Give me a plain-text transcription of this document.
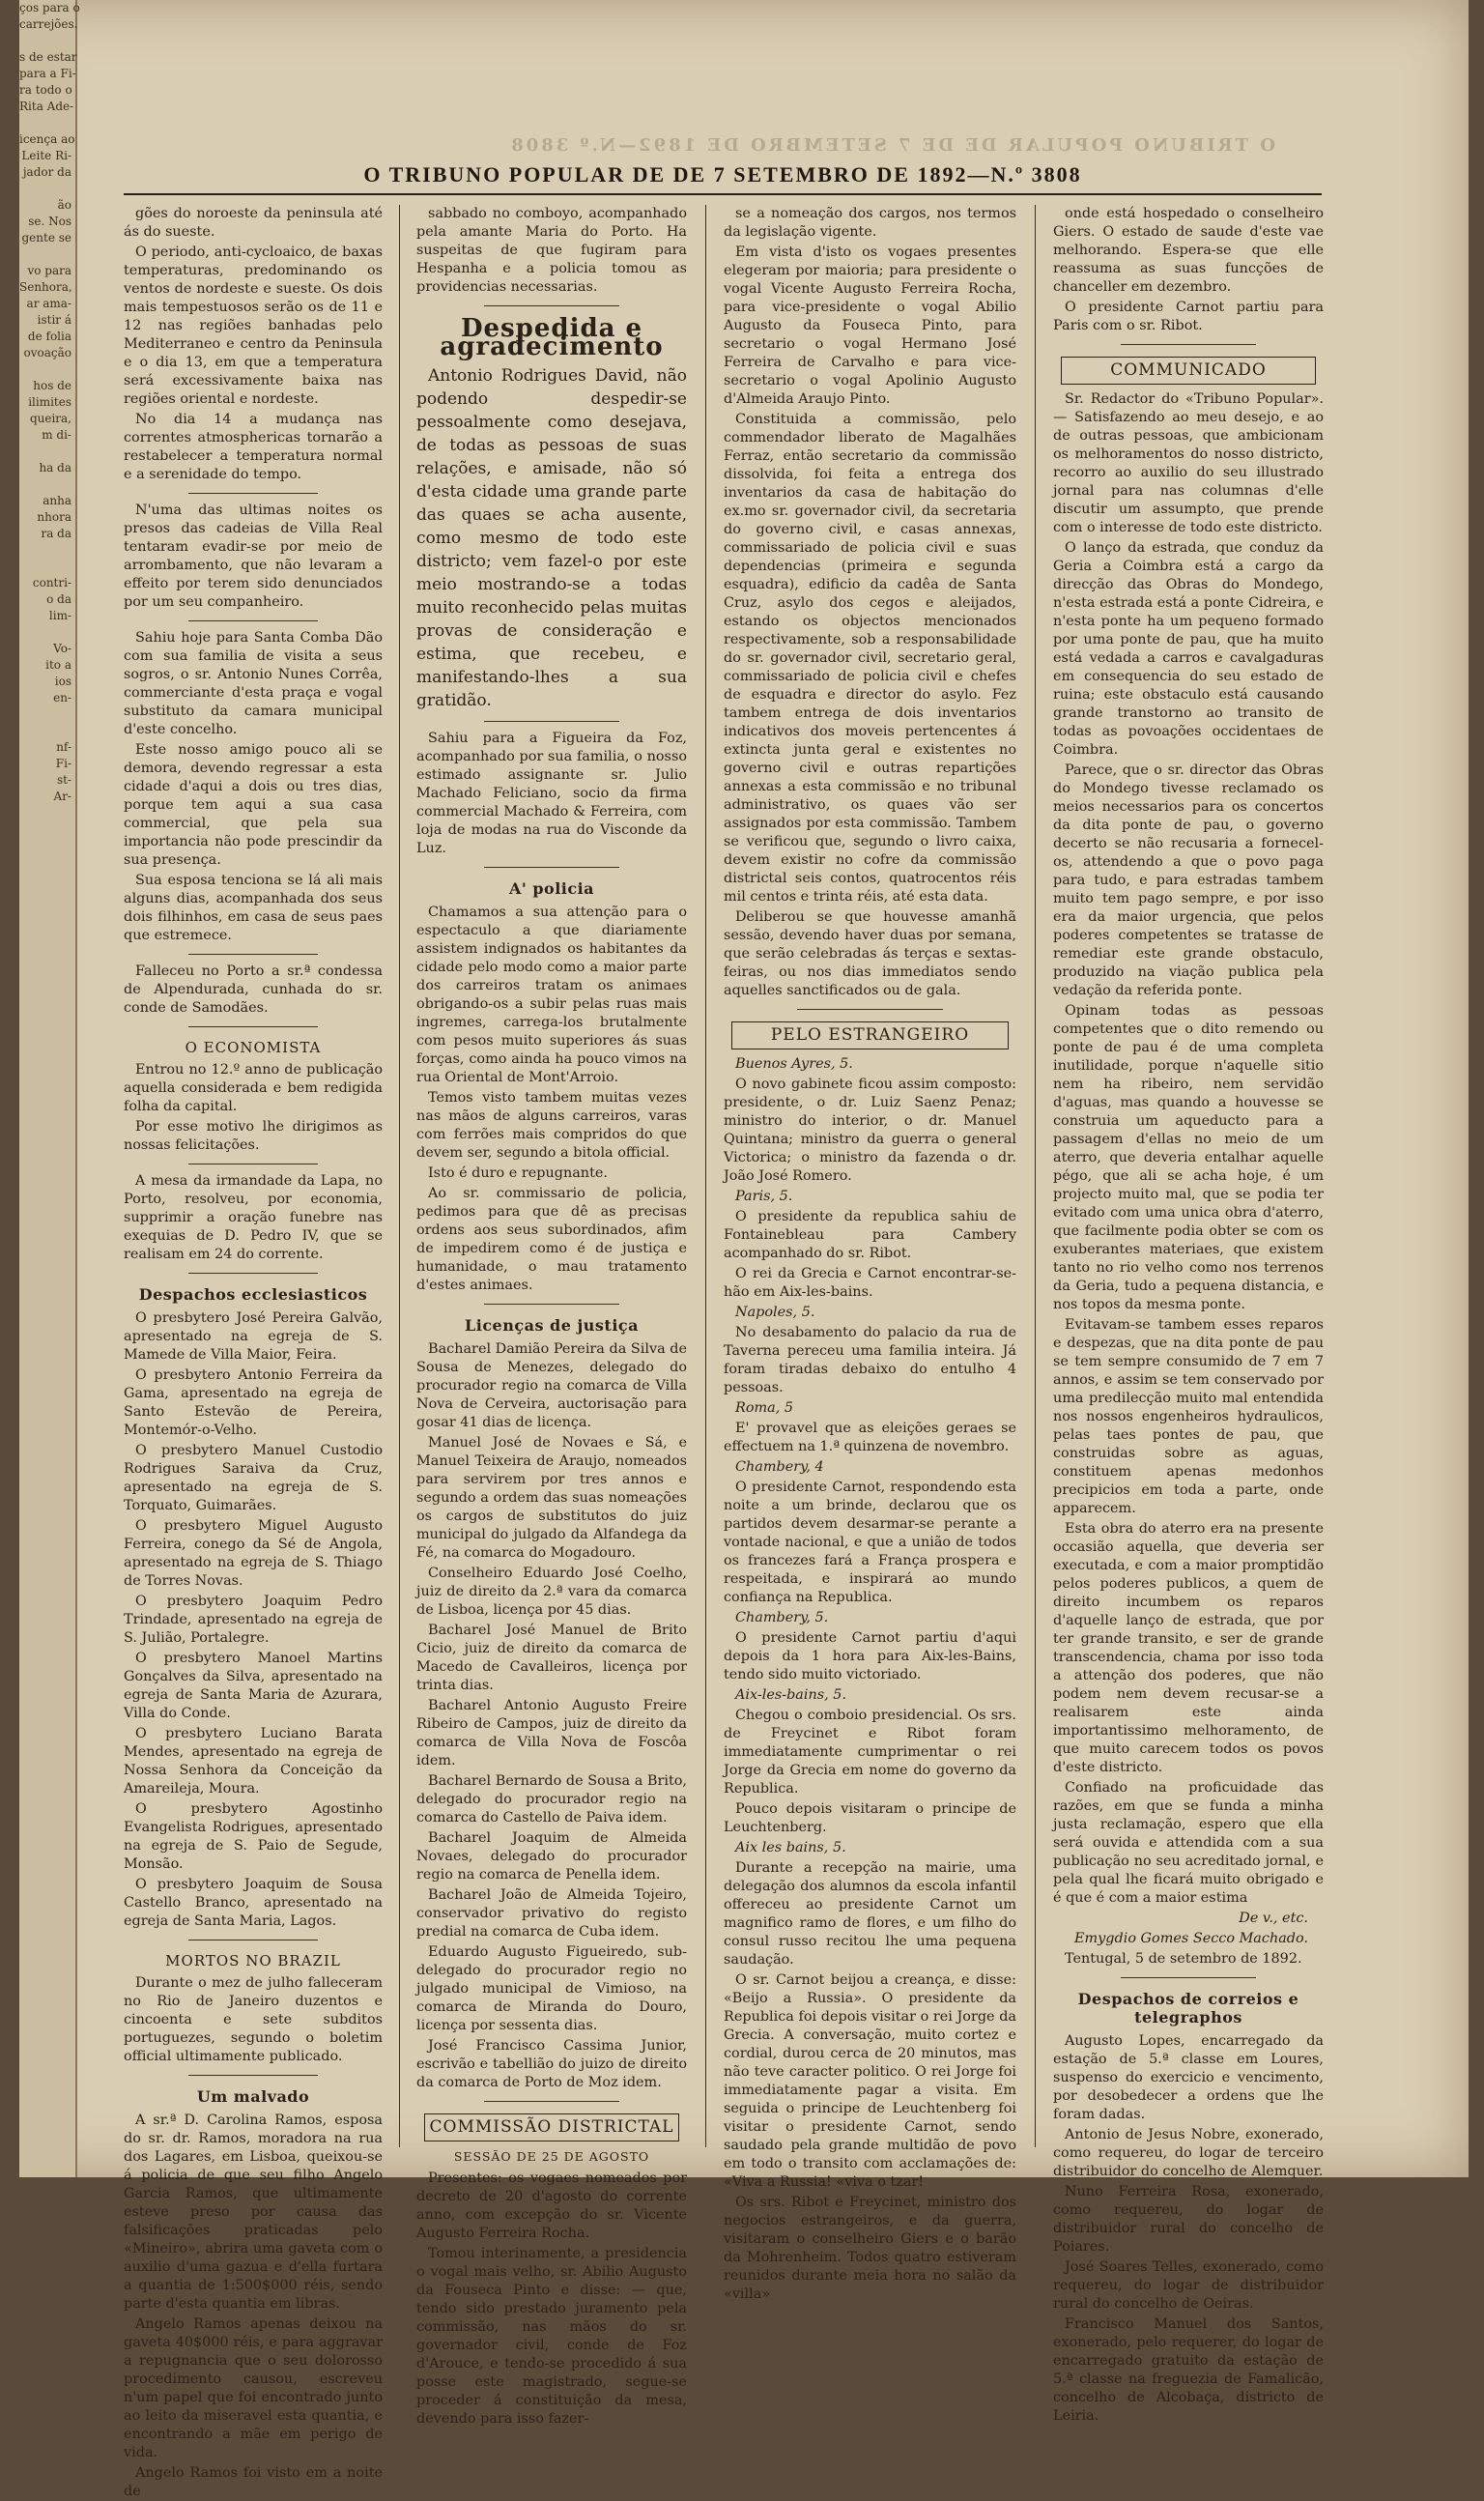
ços para o
carrejões.

s de estar
para a Fi-
ra todo o
Rita Ade-

icença ao
Leite Ri-
jador da

ão
se. Nos
gente se

vo para
Senhora,
ar ama-
istir á
de folia
ovoação

hos de
ilimites
queira,
m di-

ha da

anha
nhora
ra da

contri-
o da
lim-

Vo-
ito a
ios
en-

nf-
Fi-
st-
Ar-
O TRIBUNO POPULAR DE DE 7 SETEMBRO DE 1892—N.º 3808
O TRIBUNO POPULAR DE DE 7 SETEMBRO DE 1892—N.º 3808

gões do noroeste da peninsula até ás do sueste.

O periodo, anti-cycloaico, de baxas temperaturas, predominando os ventos de nordeste e sueste. Os dois mais tempestuosos serão os de 11 e 12 nas regiões banhadas pelo Mediterraneo e centro da Peninsula e o dia 13, em que a temperatura será excessivamente baixa nas regiões oriental e nordeste.

No dia 14 a mudança nas correntes atmosphericas tornarão a restabelecer a temperatura normal e a serenidade do tempo.

N'uma das ultimas noites os presos das cadeias de Villa Real tentaram evadir-se por meio de arrombamento, que não levaram a effeito por terem sido denunciados por um seu companheiro.

Sahiu hoje para Santa Comba Dão com sua familia de visita a seus sogros, o sr. Antonio Nunes Corrêa, commerciante d'esta praça e vogal substituto da camara municipal d'este concelho.

Este nosso amigo pouco ali se demora, devendo regressar a esta cidade d'aqui a dois ou tres dias, porque tem aqui a sua casa commercial, que pela sua importancia não pode prescindir da sua presença.

Sua esposa tenciona se lá ali mais alguns dias, acompanhada dos seus dois filhinhos, em casa de seus paes que estremece.

Falleceu no Porto a sr.ª condessa de Alpendurada, cunhada do sr. conde de Samodães.

O ECONOMISTA

Entrou no 12.º anno de publicação aquella considerada e bem redigida folha da capital.

Por esse motivo lhe dirigimos as nossas felicitações.

A mesa da irmandade da Lapa, no Porto, resolveu, por economia, supprimir a oração funebre nas exequias de D. Pedro IV, que se realisam em 24 do corrente.

Despachos ecclesiasticos

O presbytero José Pereira Galvão, apresentado na egreja de S. Mamede de Villa Maior, Feira.

O presbytero Antonio Ferreira da Gama, apresentado na egreja de Santo Estevão de Pereira, Montemór-o-Velho.

O presbytero Manuel Custodio Rodrigues Saraiva da Cruz, apresentado na egreja de S. Torquato, Guimarães.

O presbytero Miguel Augusto Ferreira, conego da Sé de Angola, apresentado na egreja de S. Thiago de Torres Novas.

O presbytero Joaquim Pedro Trindade, apresentado na egreja de S. Julião, Portalegre.

O presbytero Manoel Martins Gonçalves da Silva, apresentado na egreja de Santa Maria de Azurara, Villa do Conde.

O presbytero Luciano Barata Mendes, apresentado na egreja de Nossa Senhora da Conceição da Amareileja, Moura.

O presbytero Agostinho Evangelista Rodrigues, apresentado na egreja de S. Paio de Segude, Monsão.

O presbytero Joaquim de Sousa Castello Branco, apresentado na egreja de Santa Maria, Lagos.

MORTOS NO BRAZIL

Durante o mez de julho falleceram no Rio de Janeiro duzentos e cincoenta e sete subditos portuguezes, segundo o boletim official ultimamente publicado.

Um malvado

A sr.ª D. Carolina Ramos, esposa do sr. dr. Ramos, moradora na rua dos Lagares, em Lisboa, queixou-se á policia de que seu filho Angelo Garcia Ramos, que ultimamente esteve preso por causa das falsificações praticadas pelo «Mineiro», abrira uma gaveta com o auxilio d'uma gazua e d'ella furtara a quantia de 1:500$000 réis, sendo parte d'esta quantia em libras.

Angelo Ramos apenas deixou na gaveta 40$000 réis, e para aggravar a repugnancia que o seu dolorosso procedimento causou, escreveu n'um papel que foi encontrado junto ao leito da miseravel esta quantia, e encontrando a mãe em perigo de vida.

Angelo Ramos foi visto em a noite de

sabbado no comboyo, acompanhado pela amante Maria do Porto. Ha suspeitas de que fugiram para Hespanha e a policia tomou as providencias necessarias.

Despedida e agradecimento

Antonio Rodrigues David, não podendo despedir-se pessoalmente como desejava, de todas as pessoas de suas relações, e amisade, não só d'esta cidade uma grande parte das quaes se acha ausente, como mesmo de todo este districto; vem fazel-o por este meio mostrando-se a todas muito reconhecido pelas muitas provas de consideração e estima, que recebeu, e manifestando-lhes a sua gratidão.

Sahiu para a Figueira da Foz, acompanhado por sua familia, o nosso estimado assignante sr. Julio Machado Feliciano, socio da firma commercial Machado & Ferreira, com loja de modas na rua do Visconde da Luz.

A' policia

Chamamos a sua attenção para o espectaculo a que diariamente assistem indignados os habitantes da cidade pelo modo como a maior parte dos carreiros tratam os animaes obrigando-os a subir pelas ruas mais ingremes, carrega-los brutalmente com pesos muito superiores ás suas forças, como ainda ha pouco vimos na rua Oriental de Mont'Arroio.

Temos visto tambem muitas vezes nas mãos de alguns carreiros, varas com ferrões mais compridos do que devem ser, segundo a bitola official.

Isto é duro e repugnante.

Ao sr. commissario de policia, pedimos para que dê as precisas ordens aos seus subordinados, afim de impedirem como é de justiça e humanidade, o mau tratamento d'estes animaes.

Licenças de justiça

Bacharel Damião Pereira da Silva de Sousa de Menezes, delegado do procurador regio na comarca de Villa Nova de Cerveira, auctorisação para gosar 41 dias de licença.

Manuel José de Novaes e Sá, e Manuel Teixeira de Araujo, nomeados para servirem por tres annos e segundo a ordem das suas nomeações os cargos de substitutos do juiz municipal do julgado da Alfandega da Fé, na comarca do Mogadouro.

Conselheiro Eduardo José Coelho, juiz de direito da 2.ª vara da comarca de Lisboa, licença por 45 dias.

Bacharel José Manuel de Brito Cicio, juiz de direito da comarca de Macedo de Cavalleiros, licença por trinta dias.

Bacharel Antonio Augusto Freire Ribeiro de Campos, juiz de direito da comarca de Villa Nova de Foscôa idem.

Bacharel Bernardo de Sousa a Brito, delegado do procurador regio na comarca do Castello de Paiva idem.

Bacharel Joaquim de Almeida Novaes, delegado do procurador regio na comarca de Penella idem.

Bacharel João de Almeida Tojeiro, conservador privativo do registo predial na comarca de Cuba idem.

Eduardo Augusto Figueiredo, sub-delegado do procurador regio no julgado municipal de Vimioso, na comarca de Miranda do Douro, licença por sessenta dias.

José Francisco Cassima Junior, escrivão e tabellião do juizo de direito da comarca de Porto de Moz idem.

COMMISSÃO DISTRICTAL
SESSÃO DE 25 DE AGOSTO

Presentes: os vogaes nomeados por decreto de 20 d'agosto do corrente anno, com excepção do sr. Vicente Augusto Ferreira Rocha.

Tomou interinamente, a presidencia o vogal mais velho, sr. Abilio Augusto da Fouseca Pinto e disse: — que, tendo sido prestado juramento pela commissão, nas mãos do sr. governador civil, conde de Foz d'Arouce, e tendo-se procedido á sua posse este magistrado, segue-se proceder á constituição da mesa, devendo para isso fazer-

se a nomeação dos cargos, nos termos da legislação vigente.

Em vista d'isto os vogaes presentes elegeram por maioria; para presidente o vogal Vicente Augusto Ferreira Rocha, para vice-presidente o vogal Abilio Augusto da Fouseca Pinto, para secretario o vogal Hermano José Ferreira de Carvalho e para vice-secretario o vogal Apolinio Augusto d'Almeida Araujo Pinto.

Constituida a commissão, pelo commendador liberato de Magalhães Ferraz, então secretario da commissão dissolvida, foi feita a entrega dos inventarios da casa de habitação do ex.mo sr. governador civil, da secretaria do governo civil, e casas annexas, commissariado de policia civil e suas dependencias (primeira e segunda esquadra), edificio da cadêa de Santa Cruz, asylo dos cegos e aleijados, estando os objectos mencionados respectivamente, sob a responsabilidade do sr. governador civil, secretario geral, commissariado de policia civil e chefes de esquadra e director do asylo. Fez tambem entrega de dois inventarios indicativos dos moveis pertencentes á extincta junta geral e existentes no governo civil e outras repartições annexas a esta commissão e no tribunal administrativo, os quaes vão ser assignados por esta commissão. Tambem se verificou que, segundo o livro caixa, devem existir no cofre da commissão districtal seis contos, quatrocentos réis mil centos e trinta réis, até esta data.

Deliberou se que houvesse amanhã sessão, devendo haver duas por semana, que serão celebradas ás terças e sextas-feiras, ou nos dias immediatos sendo aquelles sanctificados ou de gala.

PELO ESTRANGEIRO
Buenos Ayres, 5.

O novo gabinete ficou assim composto: presidente, o dr. Luiz Saenz Penaz; ministro do interior, o dr. Manuel Quintana; ministro da guerra o general Victorica; o ministro da fazenda o dr. João José Romero.

Paris, 5.

O presidente da republica sahiu de Fontainebleau para Cambery acompanhado do sr. Ribot.

O rei da Grecia e Carnot encontrar-se-hão em Aix-les-bains.

Napoles, 5.

No desabamento do palacio da rua de Taverna pereceu uma familia inteira. Já foram tiradas debaixo do entulho 4 pessoas.

Roma, 5

E' provavel que as eleições geraes se effectuem na 1.ª quinzena de novembro.

Chambery, 4

O presidente Carnot, respondendo esta noite a um brinde, declarou que os partidos devem desarmar-se perante a vontade nacional, e que a união de todos os francezes fará a França prospera e respeitada, e inspirará ao mundo confiança na Republica.

Chambery, 5.

O presidente Carnot partiu d'aqui depois da 1 hora para Aix-les-Bains, tendo sido muito victoriado.

Aix-les-bains, 5.

Chegou o comboio presidencial. Os srs. de Freycinet e Ribot foram immediatamente cumprimentar o rei Jorge da Grecia em nome do governo da Republica.

Pouco depois visitaram o principe de Leuchtenberg.

Aix les bains, 5.

Durante a recepção na mairie, uma delegação dos alumnos da escola infantil offereceu ao presidente Carnot um magnifico ramo de flores, e um filho do consul russo recitou lhe uma pequena saudação.

O sr. Carnot beijou a creança, e disse: «Beijo a Russia». O presidente da Republica foi depois visitar o rei Jorge da Grecia. A conversação, muito cortez e cordial, durou cerca de 20 minutos, mas não teve caracter politico. O rei Jorge foi immediatamente pagar a visita. Em seguida o principe de Leuchtenberg foi visitar o presidente Carnot, sendo saudado pela grande multidão de povo em todo o transito com acclamações de: «Viva a Russia! «viva o tzar!

Os srs. Ribot e Freycinet, ministro dos negocios estrangeiros, e da guerra, visitaram o conselheiro Giers e o barão da Mohrenheim. Todos quatro estiveram reunidos durante meia hora no salão da «villa»

onde está hospedado o conselheiro Giers. O estado de saude d'este vae melhorando. Espera-se que elle reassuma as suas funcções de chanceller em dezembro.

O presidente Carnot partiu para Paris com o sr. Ribot.

COMMUNICADO

Sr. Redactor do «Tribuno Popular». — Satisfazendo ao meu desejo, e ao de outras pessoas, que ambicionam os melhoramentos do nosso districto, recorro ao auxilio do seu illustrado jornal para nas columnas d'elle discutir um assumpto, que prende com o interesse de todo este districto.

O lanço da estrada, que conduz da Geria a Coimbra está a cargo da direcção das Obras do Mondego, n'esta estrada está a ponte Cidreira, e n'esta ponte ha um pequeno formado por uma ponte de pau, que ha muito está vedada a carros e cavalgaduras em consequencia do seu estado de ruina; este obstaculo está causando grande transtorno ao transito de todas as povoações occidentaes de Coimbra.

Parece, que o sr. director das Obras do Mondego tivesse reclamado os meios necessarios para os concertos da dita ponte de pau, o governo decerto se não recusaria a fornecel-os, attendendo a que o povo paga para tudo, e para estradas tambem muito tem pago sempre, e por isso era da maior urgencia, que pelos poderes competentes se tratasse de remediar este grande obstaculo, produzido na viação publica pela vedação da referida ponte.

Opinam todas as pessoas competentes que o dito remendo ou ponte de pau é de uma completa inutilidade, porque n'aquelle sitio nem ha ribeiro, nem servidão d'aguas, mas quando a houvesse se construia um aqueducto para a passagem d'ellas no meio de um aterro, que deveria entalhar aquelle pégo, que ali se acha hoje, é um projecto muito mal, que se podia ter evitado com uma unica obra d'aterro, que facilmente podia obter se com os exuberantes materiaes, que existem tanto no rio velho como nos terrenos da Geria, tudo a pequena distancia, e nos topos da mesma ponte.

Evitavam-se tambem esses reparos e despezas, que na dita ponte de pau se tem sempre consumido de 7 em 7 annos, e assim se tem conservado por uma predilecção muito mal entendida nos nossos engenheiros hydraulicos, pelas taes pontes de pau, que construidas sobre as aguas, constituem apenas medonhos precipicios em toda a parte, onde apparecem.

Esta obra do aterro era na presente occasião aquella, que deveria ser executada, e com a maior promptidão pelos poderes publicos, a quem de direito incumbem os reparos d'aquelle lanço de estrada, que por ter grande transito, e ser de grande transcendencia, chama por isso toda a attenção dos poderes, que não podem nem devem recusar-se a realisarem este ainda importantissimo melhoramento, de que muito carecem todos os povos d'este districto.

Confiado na proficuidade das razões, em que se funda a minha justa reclamação, espero que ella será ouvida e attendida com a sua publicação no seu acreditado jornal, e pela qual lhe ficará muito obrigado e é que é com a maior estima

De v., etc.
Emygdio Gomes Secco Machado.

Tentugal, 5 de setembro de 1892.

Despachos de correios e telegraphos

Augusto Lopes, encarregado da estação de 5.ª classe em Loures, suspenso do exercicio e vencimento, por desobedecer a ordens que lhe foram dadas.

Antonio de Jesus Nobre, exonerado, como requereu, do logar de terceiro distribuidor do concelho de Alemquer.

Nuno Ferreira Rosa, exonerado, como requereu, do logar de distribuidor rural do concelho de Poiares.

José Soares Telles, exonerado, como requereu, do logar de distribuidor rural do concelho de Oeiras.

Francisco Manuel dos Santos, exonerado, pelo requerer, do logar de encarregado gratuito da estação de 5.ª classe na freguezia de Famalicão, concelho de Alcobaça, districto de Leiria.
